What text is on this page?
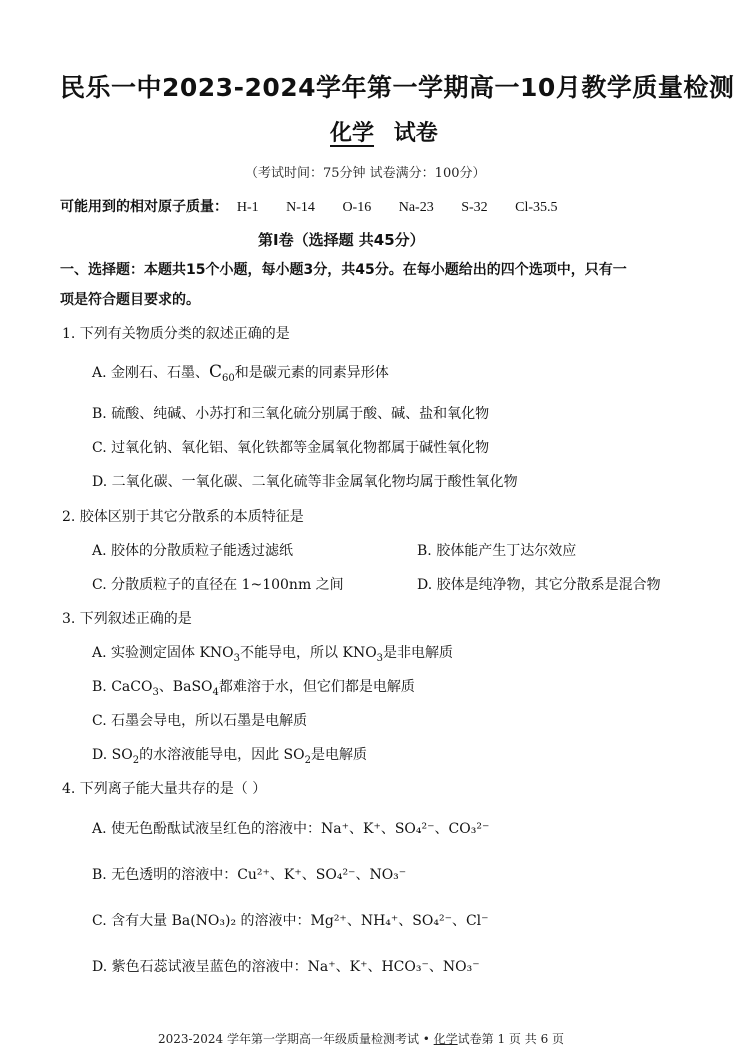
民乐一中2023-2024学年第一学期高一10月教学质量检测
化学 试卷
（考试时间：75分钟 试卷满分：100分）
可能用到的相对原子质量： H-1 N-14 O-16 Na-23 S-32 Cl-35.5
第Ⅰ卷（选择题 共45分）
一、选择题：本题共15个小题，每小题3分，共45分。在每小题给出的四个选项中，只有一
项是符合题目要求的。
1. 下列有关物质分类的叙述正确的是
A. 金刚石、石墨、$C_{60}$和是碳元素的同素异形体
B. 硫酸、纯碱、小苏打和三氧化硫分别属于酸、碱、盐和氧化物
C. 过氧化钠、氧化铝、氧化铁都等金属氧化物都属于碱性氧化物
D. 二氧化碳、一氧化碳、二氧化硫等非金属氧化物均属于酸性氧化物
2. 胶体区别于其它分散系的本质特征是
A. 胶体的分散质粒子能透过滤纸	B. 胶体能产生丁达尔效应
C. 分散质粒子的直径在 1~100nm 之间	D. 胶体是纯净物，其它分散系是混合物
3. 下列叙述正确的是
A. 实验测定固体 $KNO_3$不能导电，所以 $KNO_3$是非电解质
B. CaCO$_3$、BaSO$_4$都难溶于水，但它们都是电解质
C. 石墨会导电，所以石墨是电解质
D. $SO_2$的水溶液能导电，因此 $SO_2$是电解质
4. 下列离子能大量共存的是（ ）
A. 使无色酚酞试液呈红色的溶液中：Na⁺、K⁺、SO₄²⁻、CO₃²⁻
B. 无色透明的溶液中：Cu²⁺、K⁺、SO₄²⁻、NO₃⁻
C. 含有大量 Ba(NO₃)₂ 的溶液中：Mg²⁺、NH₄⁺、SO₄²⁻、Cl⁻
D. 紫色石蕊试液呈蓝色的溶液中：Na⁺、K⁺、HCO₃⁻、NO₃⁻
2023-2024 学年第一学期高一年级质量检测考试 • 化学试卷第 1 页 共 6 页
